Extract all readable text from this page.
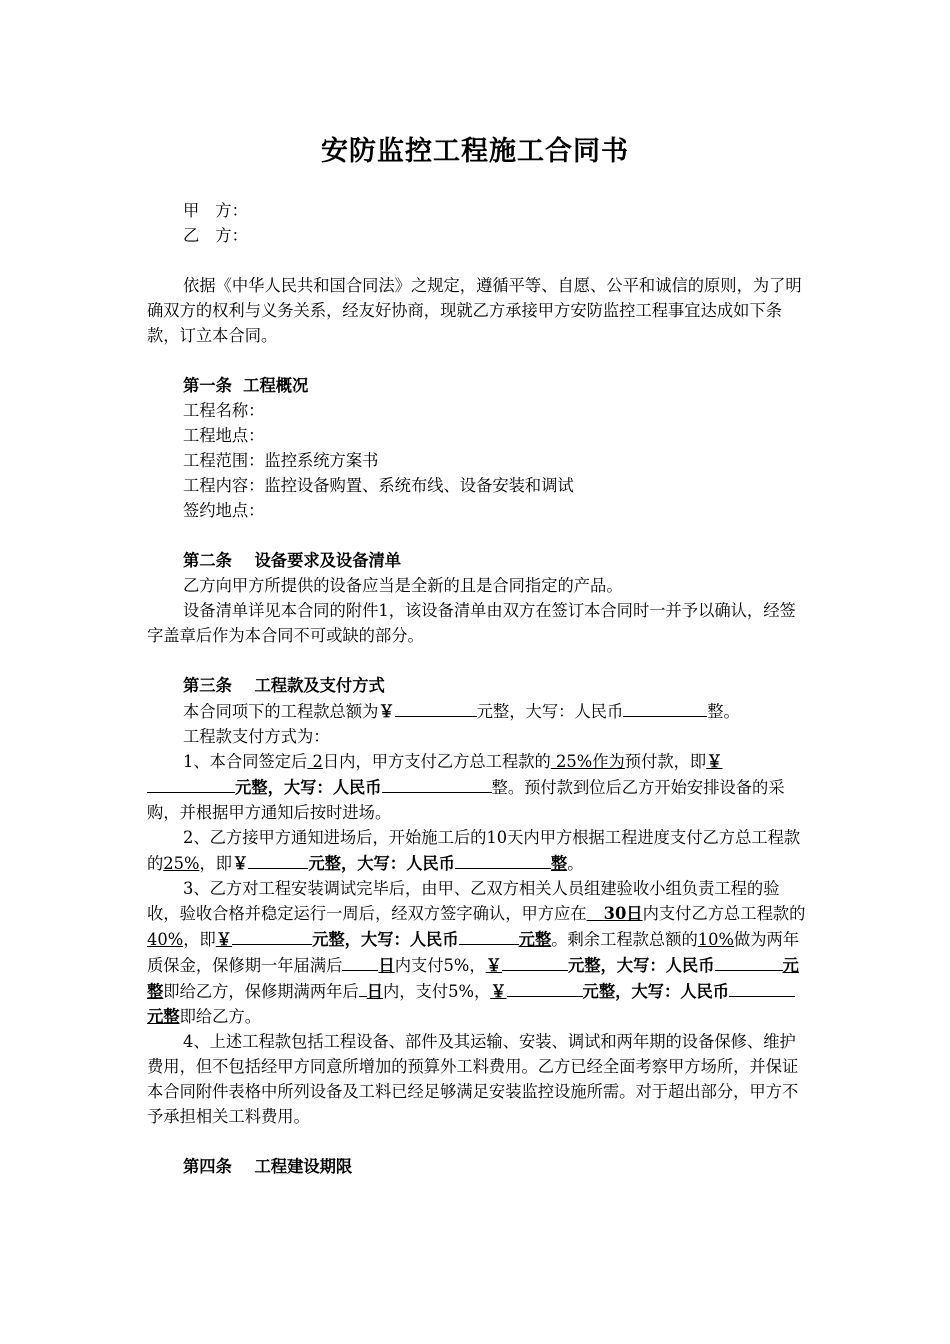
安防监控工程施工合同书

甲 方：

乙 方：

依据《中华人民共和国合同法》之规定，遵循平等、自愿、公平和诚信的原则，为了明确双方的权利与义务关系，经友好协商，现就乙方承接甲方安防监控工程事宜达成如下条款，订立本合同。

第一条  工程概况

工程名称：

工程地点：

工程范围：监控系统方案书

工程内容：监控设备购置、系统布线、设备安装和调试

签约地点：

第二条    设备要求及设备清单

乙方向甲方所提供的设备应当是全新的且是合同指定的产品。

设备清单详见本合同的附件1，该设备清单由双方在签订本合同时一并予以确认，经签字盖章后作为本合同不可或缺的部分。

第三条    工程款及支付方式

本合同项下的工程款总额为￥	元整，大写：人民币	整。

工程款支付方式为：

1、本合同签定后 2日内，甲方支付乙方总工程款的 25%作为预付款，即￥元整，大写：人民币	整。预付款到位后乙方开始安排设备的采购，并根据甲方通知后按时进场。

2、乙方接甲方通知进场后，开始施工后的10天内甲方根据工程进度支付乙方总工程款的25%，即￥	元整，大写：人民币	整。

3、乙方对工程安装调试完毕后，由甲、乙双方相关人员组建验收小组负责工程的验收，验收合格并稳定运行一周后，经双方签字确认，甲方应在 30日内支付乙方总工程款的40%，即￥	元整，大写：人民币	元整。剩余工程款总额的10%做为两年质保金，保修期一年届满后 日内支付5%，￥	元整，大写：人民币	元整即给乙方，保修期满两年后 日内，支付5%，￥	元整，大写：人民币元整即给乙方。

4、上述工程款包括工程设备、部件及其运输、安装、调试和两年期的设备保修、维护费用，但不包括经甲方同意所增加的预算外工料费用。乙方已经全面考察甲方场所，并保证本合同附件表格中所列设备及工料已经足够满足安装监控设施所需。对于超出部分，甲方不予承担相关工料费用。

第四条    工程建设期限
